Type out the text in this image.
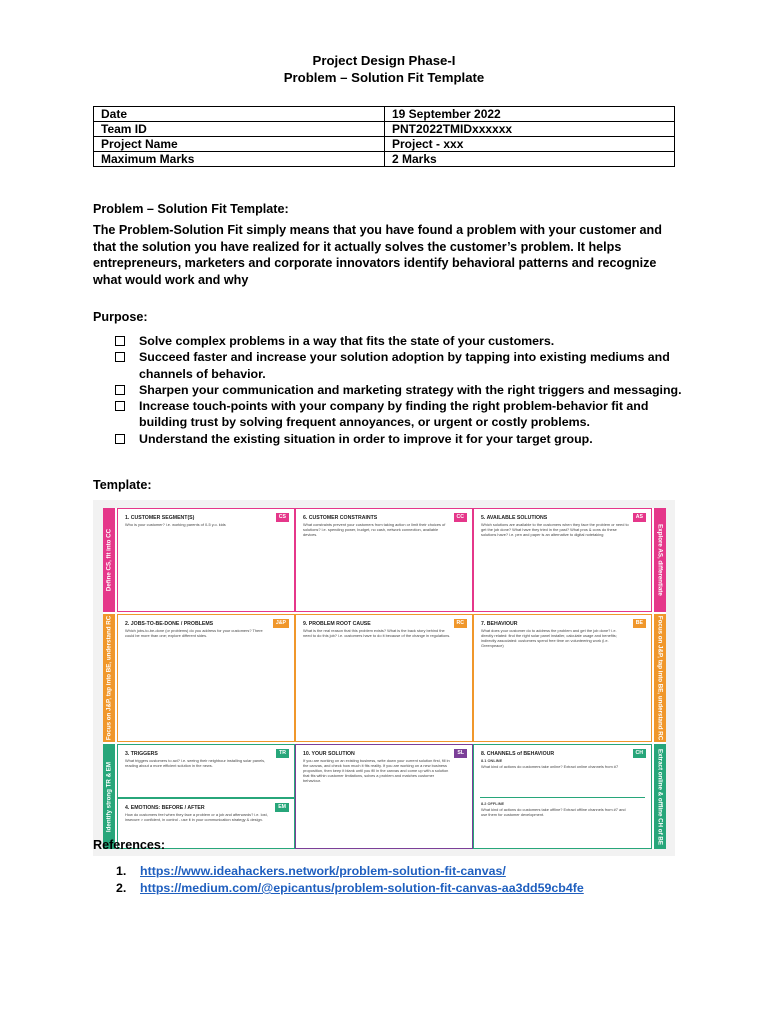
Project Design Phase-I
Problem – Solution Fit Template
Date	19 September 2022
Team ID	PNT2022TMIDxxxxxx
Project Name	Project - xxx
Maximum Marks	2 Marks
Problem – Solution Fit Template:
The Problem-Solution Fit simply means that you have found a problem with your customer and that the solution you have realized for it actually solves the customer’s problem. It helps entrepreneurs, marketers and corporate innovators identify behavioral patterns and recognize what would work and why
Purpose:
Solve complex problems in a way that fits the state of your customers.
Succeed faster and increase your solution adoption by tapping into existing mediums and channels of behavior.
Sharpen your communication and marketing strategy with the right triggers and messaging.
Increase touch-points with your company by finding the right problem-behavior fit and building trust by solving frequent annoyances, or urgent or costly problems.
Understand the existing situation in order to improve it for your target group.
Template:
Define CS, fit into CC
Focus on J&P, tap into BE, understand RC
Identify strong TR & EM
Explore AS, differentiate
Focus on J&P, tap into BE, understand RC
Extract online & offline CH of BE
1. CUSTOMER SEGMENT(S)	CS
Who is your customer? i.e. working parents of 0-5 y.o. kids
6. CUSTOMER CONSTRAINTS	CC
What constraints prevent your customers from taking action or limit their choices of solutions? i.e. spending power, budget, no cash, network connection, available devices.
5. AVAILABLE SOLUTIONS	AS
Which solutions are available to the customers when they face the problem or need to get the job done? What have they tried in the past? What pros & cons do these solutions have? i.e. pen and paper is an alternative to digital notetaking
2. JOBS-TO-BE-DONE / PROBLEMS	J&P
Which jobs-to-be-done (or problems) do you address for your customers? There could be more than one; explore different sides.
9. PROBLEM ROOT CAUSE	RC
What is the real reason that this problem exists? What is the back story behind the need to do this job? i.e. customers have to do it because of the change in regulations.
7. BEHAVIOUR	BE
What does your customer do to address the problem and get the job done? i.e. directly related: find the right solar panel installer, calculate usage and benefits; indirectly associated: customers spend free time on volunteering work (i.e. Greenpeace)
3. TRIGGERS	TR
What triggers customers to act? i.e. seeing their neighbour installing solar panels, reading about a more efficient solution in the news.
4. EMOTIONS: BEFORE / AFTER	EM
How do customers feel when they face a problem or a job and afterwards? i.e. lost, insecure > confident, in control - use it in your communication strategy & design.
10. YOUR SOLUTION	SL
If you are working on an existing business, write down your current solution first, fill in the canvas, and check how much it fits reality. If you are working on a new business proposition, then keep it blank until you fill in the canvas and come up with a solution that fits within customer limitations, solves a problem and matches customer behaviour.
8. CHANNELS of BEHAVIOUR	CH
8.1 ONLINE
What kind of actions do customers take online? Extract online channels from #7
8.2 OFFLINE
What kind of actions do customers take offline? Extract offline channels from #7 and use them for customer development.
References:
1. https://www.ideahackers.network/problem-solution-fit-canvas/
2. https://medium.com/@epicantus/problem-solution-fit-canvas-aa3dd59cb4fe
